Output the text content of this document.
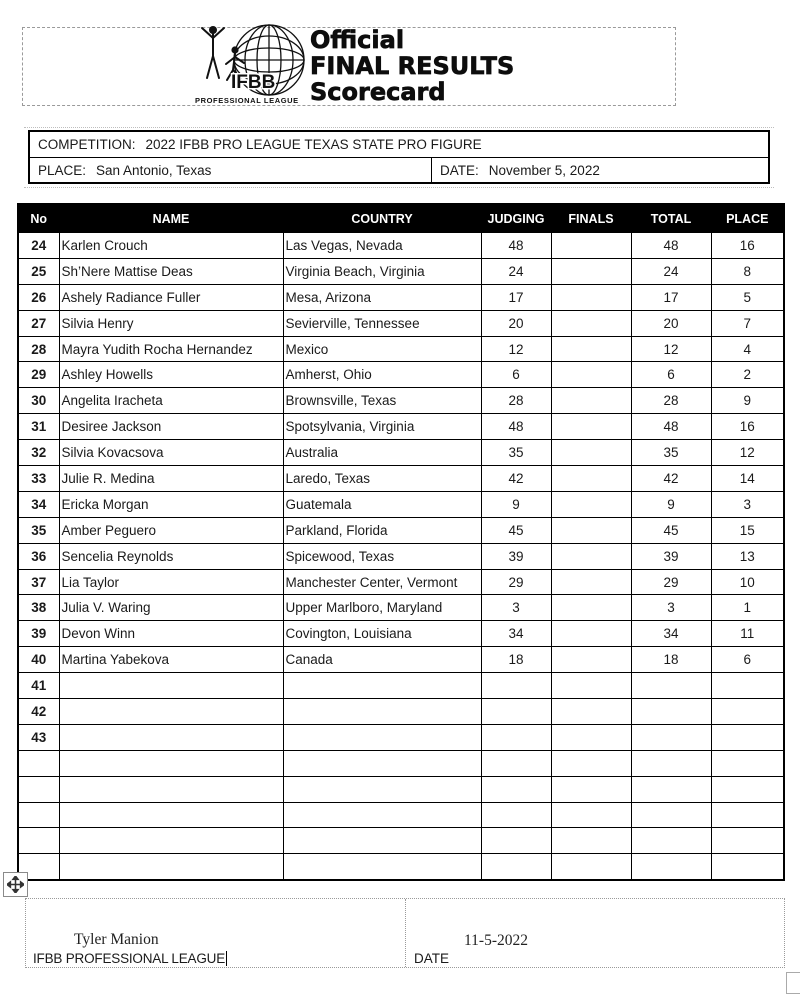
IFBB
PROFESSIONAL LEAGUE
Official
FINAL RESULTS
Scorecard
COMPETITION: 2022 IFBB PRO LEAGUE TEXAS STATE PRO FIGURE
PLACE: San Antonio, Texas	DATE: November 5, 2022
No	NAME	COUNTRY	JUDGING	FINALS	TOTAL	PLACE
24	Karlen Crouch	Las Vegas, Nevada	48		48	16
25	Sh’Nere Mattise Deas	Virginia Beach, Virginia	24		24	8
26	Ashely Radiance Fuller	Mesa, Arizona	17		17	5
27	Silvia Henry	Sevierville, Tennessee	20		20	7
28	Mayra Yudith Rocha Hernandez	Mexico	12		12	4
29	Ashley Howells	Amherst, Ohio	6		6	2
30	Angelita Iracheta	Brownsville, Texas	28		28	9
31	Desiree Jackson	Spotsylvania, Virginia	48		48	16
32	Silvia Kovacsova	Australia	35		35	12
33	Julie R. Medina	Laredo, Texas	42		42	14
34	Ericka Morgan	Guatemala	9		9	3
35	Amber Peguero	Parkland, Florida	45		45	15
36	Sencelia Reynolds	Spicewood, Texas	39		39	13
37	Lia Taylor	Manchester Center, Vermont	29		29	10
38	Julia V. Waring	Upper Marlboro, Maryland	3		3	1
39	Devon Winn	Covington, Louisiana	34		34	11
40	Martina Yabekova	Canada	18		18	6
41						
42						
43						

Tyler Manion
IFBB PROFESSIONAL LEAGUE
11-5-2022
DATE
